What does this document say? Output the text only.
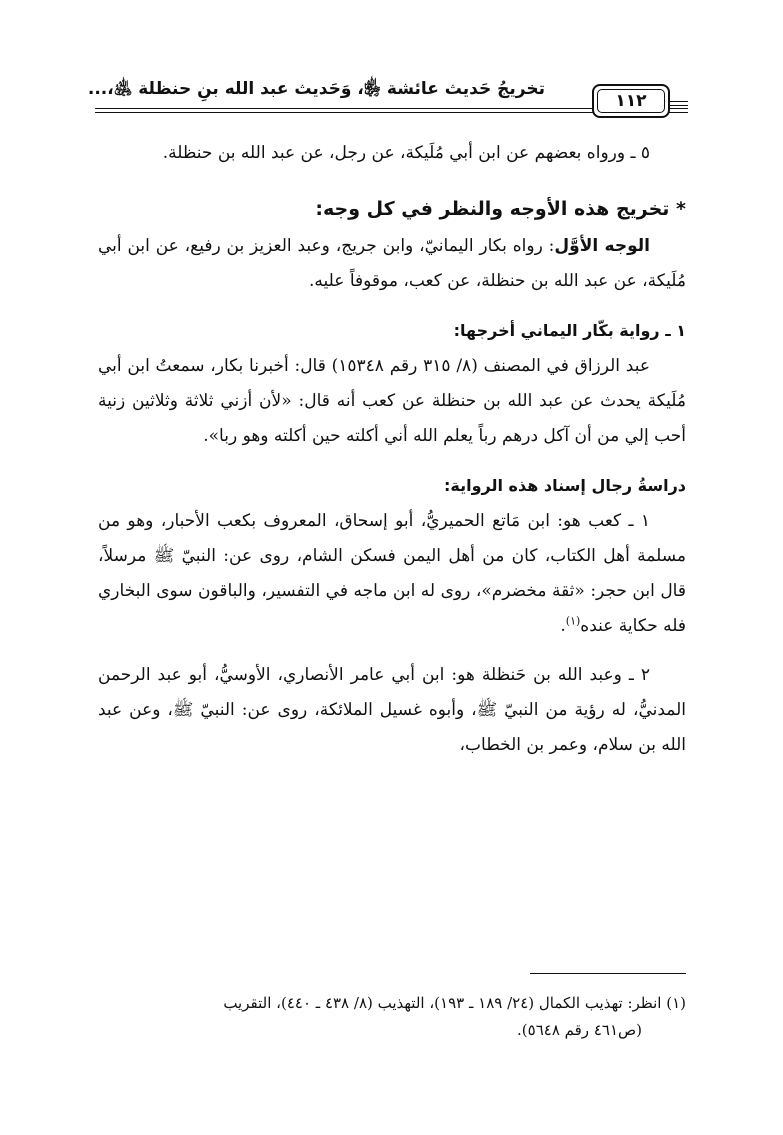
تخريجُ حَديث عائشة ﵂، وَحَديث عبد الله بنِ حنظلة ﵁،...
١١٢

٥ ـ ورواه بعضهم عن ابن أبي مُلَيكة، عن رجل، عن عبد الله بن حنظلة.

* تخريج هذه الأوجه والنظر في كل وجه:

الوجه الأوَّل: رواه بكار اليمانيّ، وابن جريج، وعبد العزيز بن رفيع، عن ابن أبي مُلَيكة، عن عبد الله بن حنظلة، عن كعب، موقوفاً عليه.

١ ـ رواية بكّار اليماني أخرجها:

عبد الرزاق في المصنف (٨/ ٣١٥ رقم ١٥٣٤٨) قال: أخبرنا بكار، سمعتُ ابن أبي مُلَيكة يحدث عن عبد الله بن حنظلة عن كعب أنه قال: «لأن أزني ثلاثة وثلاثين زنية أحب إلي من أن آكل درهم رباً يعلم الله أني أكلته حين أكلته وهو ربا».

دراسةُ رجال إسناد هذه الرواية:

١ ـ كعب هو: ابن مَاتع الحميريُّ، أبو إسحاق، المعروف بكعب الأحبار، وهو من مسلمة أهل الكتاب، كان من أهل اليمن فسكن الشام، روى عن: النبيّ ﷺ مرسلاً، قال ابن حجر: «ثقة مخضرم»، روى له ابن ماجه في التفسير، والباقون سوى البخاري فله حكاية عنده$^{(١)}$.

٢ ـ وعبد الله بن حَنظلة هو: ابن أبي عامر الأنصاري، الأوسيُّ، أبو عبد الرحمن المدنيُّ، له رؤية من النبيّ ﷺ، وأبوه غسيل الملائكة، روى عن: النبيّ ﷺ، وعن عبد الله بن سلام، وعمر بن الخطاب،

(١) انظر: تهذيب الكمال (٢٤/ ١٨٩ ـ ١٩٣)، التهذيب (٨/ ٤٣٨ ـ ٤٤٠)، التقريب
(ص٤٦١ رقم ٥٦٤٨).
